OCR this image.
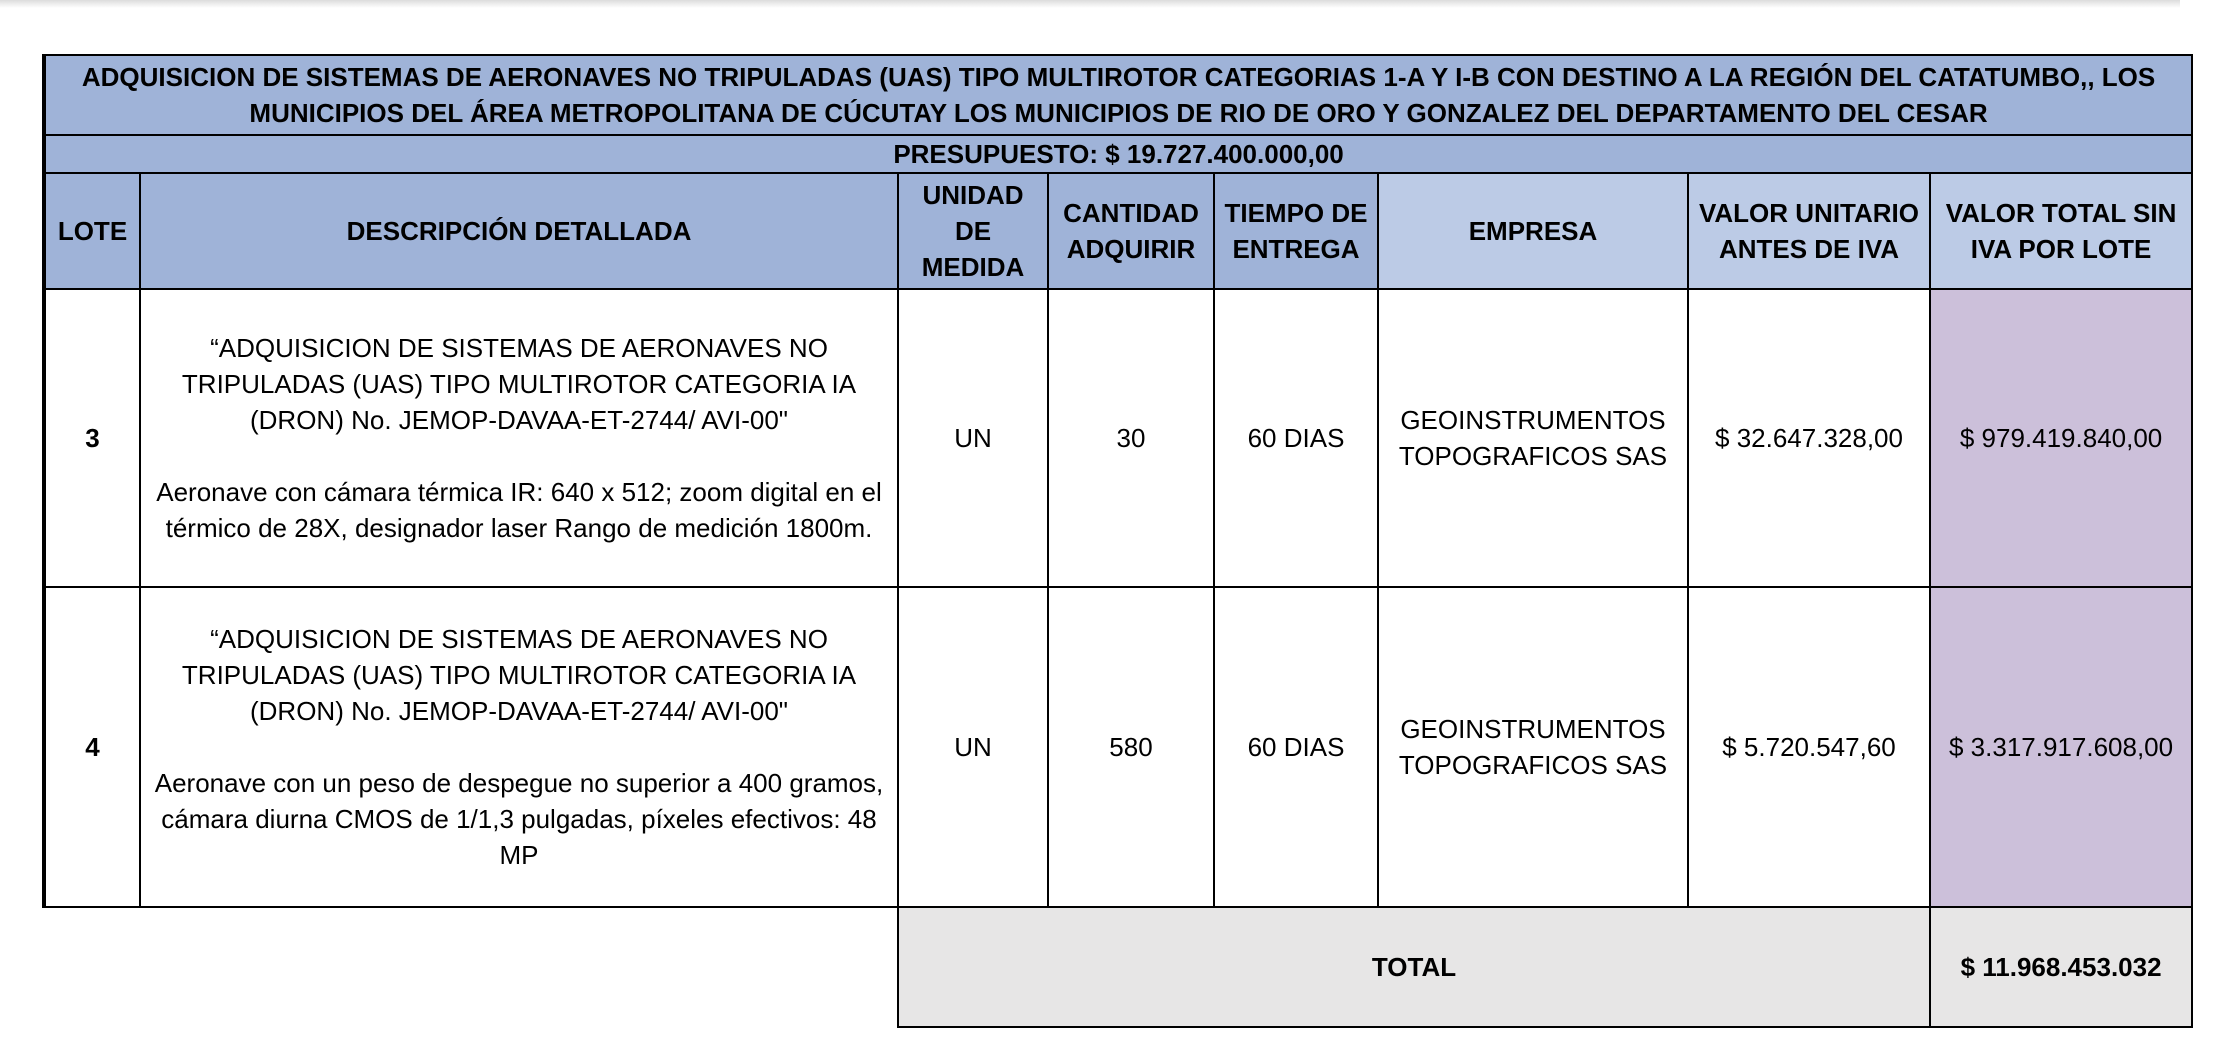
ADQUISICION DE SISTEMAS DE AERONAVES NO TRIPULADAS (UAS) TIPO MULTIROTOR CATEGORIAS 1-A Y I-B CON DESTINO A LA REGIÓN DEL CATATUMBO,, LOS MUNICIPIOS DEL ÁREA METROPOLITANA DE CÚCUTAY LOS MUNICIPIOS DE RIO DE ORO Y GONZALEZ DEL DEPARTAMENTO DEL CESAR							
PRESUPUESTO: $ 19.727.400.000,00							
LOTE	DESCRIPCIÓN DETALLADA	UNIDAD DE MEDIDA	CANTIDAD ADQUIRIR	TIEMPO DE ENTREGA	EMPRESA	VALOR UNITARIO ANTES DE IVA	VALOR TOTAL SIN IVA POR LOTE
3	“ADQUISICION DE SISTEMAS DE AERONAVES NO TRIPULADAS (UAS) TIPO MULTIROTOR CATEGORIA IA (DRON) No. JEMOP-DAVAA-ET-2744/ AVI-00"
Aeronave con cámara térmica IR: 640 x 512; zoom digital en el térmico de 28X, designador laser Rango de medición 1800m.	UN	30	60 DIAS	GEOINSTRUMENTOS TOPOGRAFICOS SAS	$ 32.647.328,00	$ 979.419.840,00
4	“ADQUISICION DE SISTEMAS DE AERONAVES NO TRIPULADAS (UAS) TIPO MULTIROTOR CATEGORIA IA (DRON) No. JEMOP-DAVAA-ET-2744/ AVI-00"
Aeronave con un peso de despegue no superior a 400 gramos, cámara diurna CMOS de 1/1,3 pulgadas, píxeles efectivos: 48 MP	UN	580	60 DIAS	GEOINSTRUMENTOS TOPOGRAFICOS SAS	$ 5.720.547,60	$ 3.317.917.608,00
		TOTAL					$ 11.968.453.032
